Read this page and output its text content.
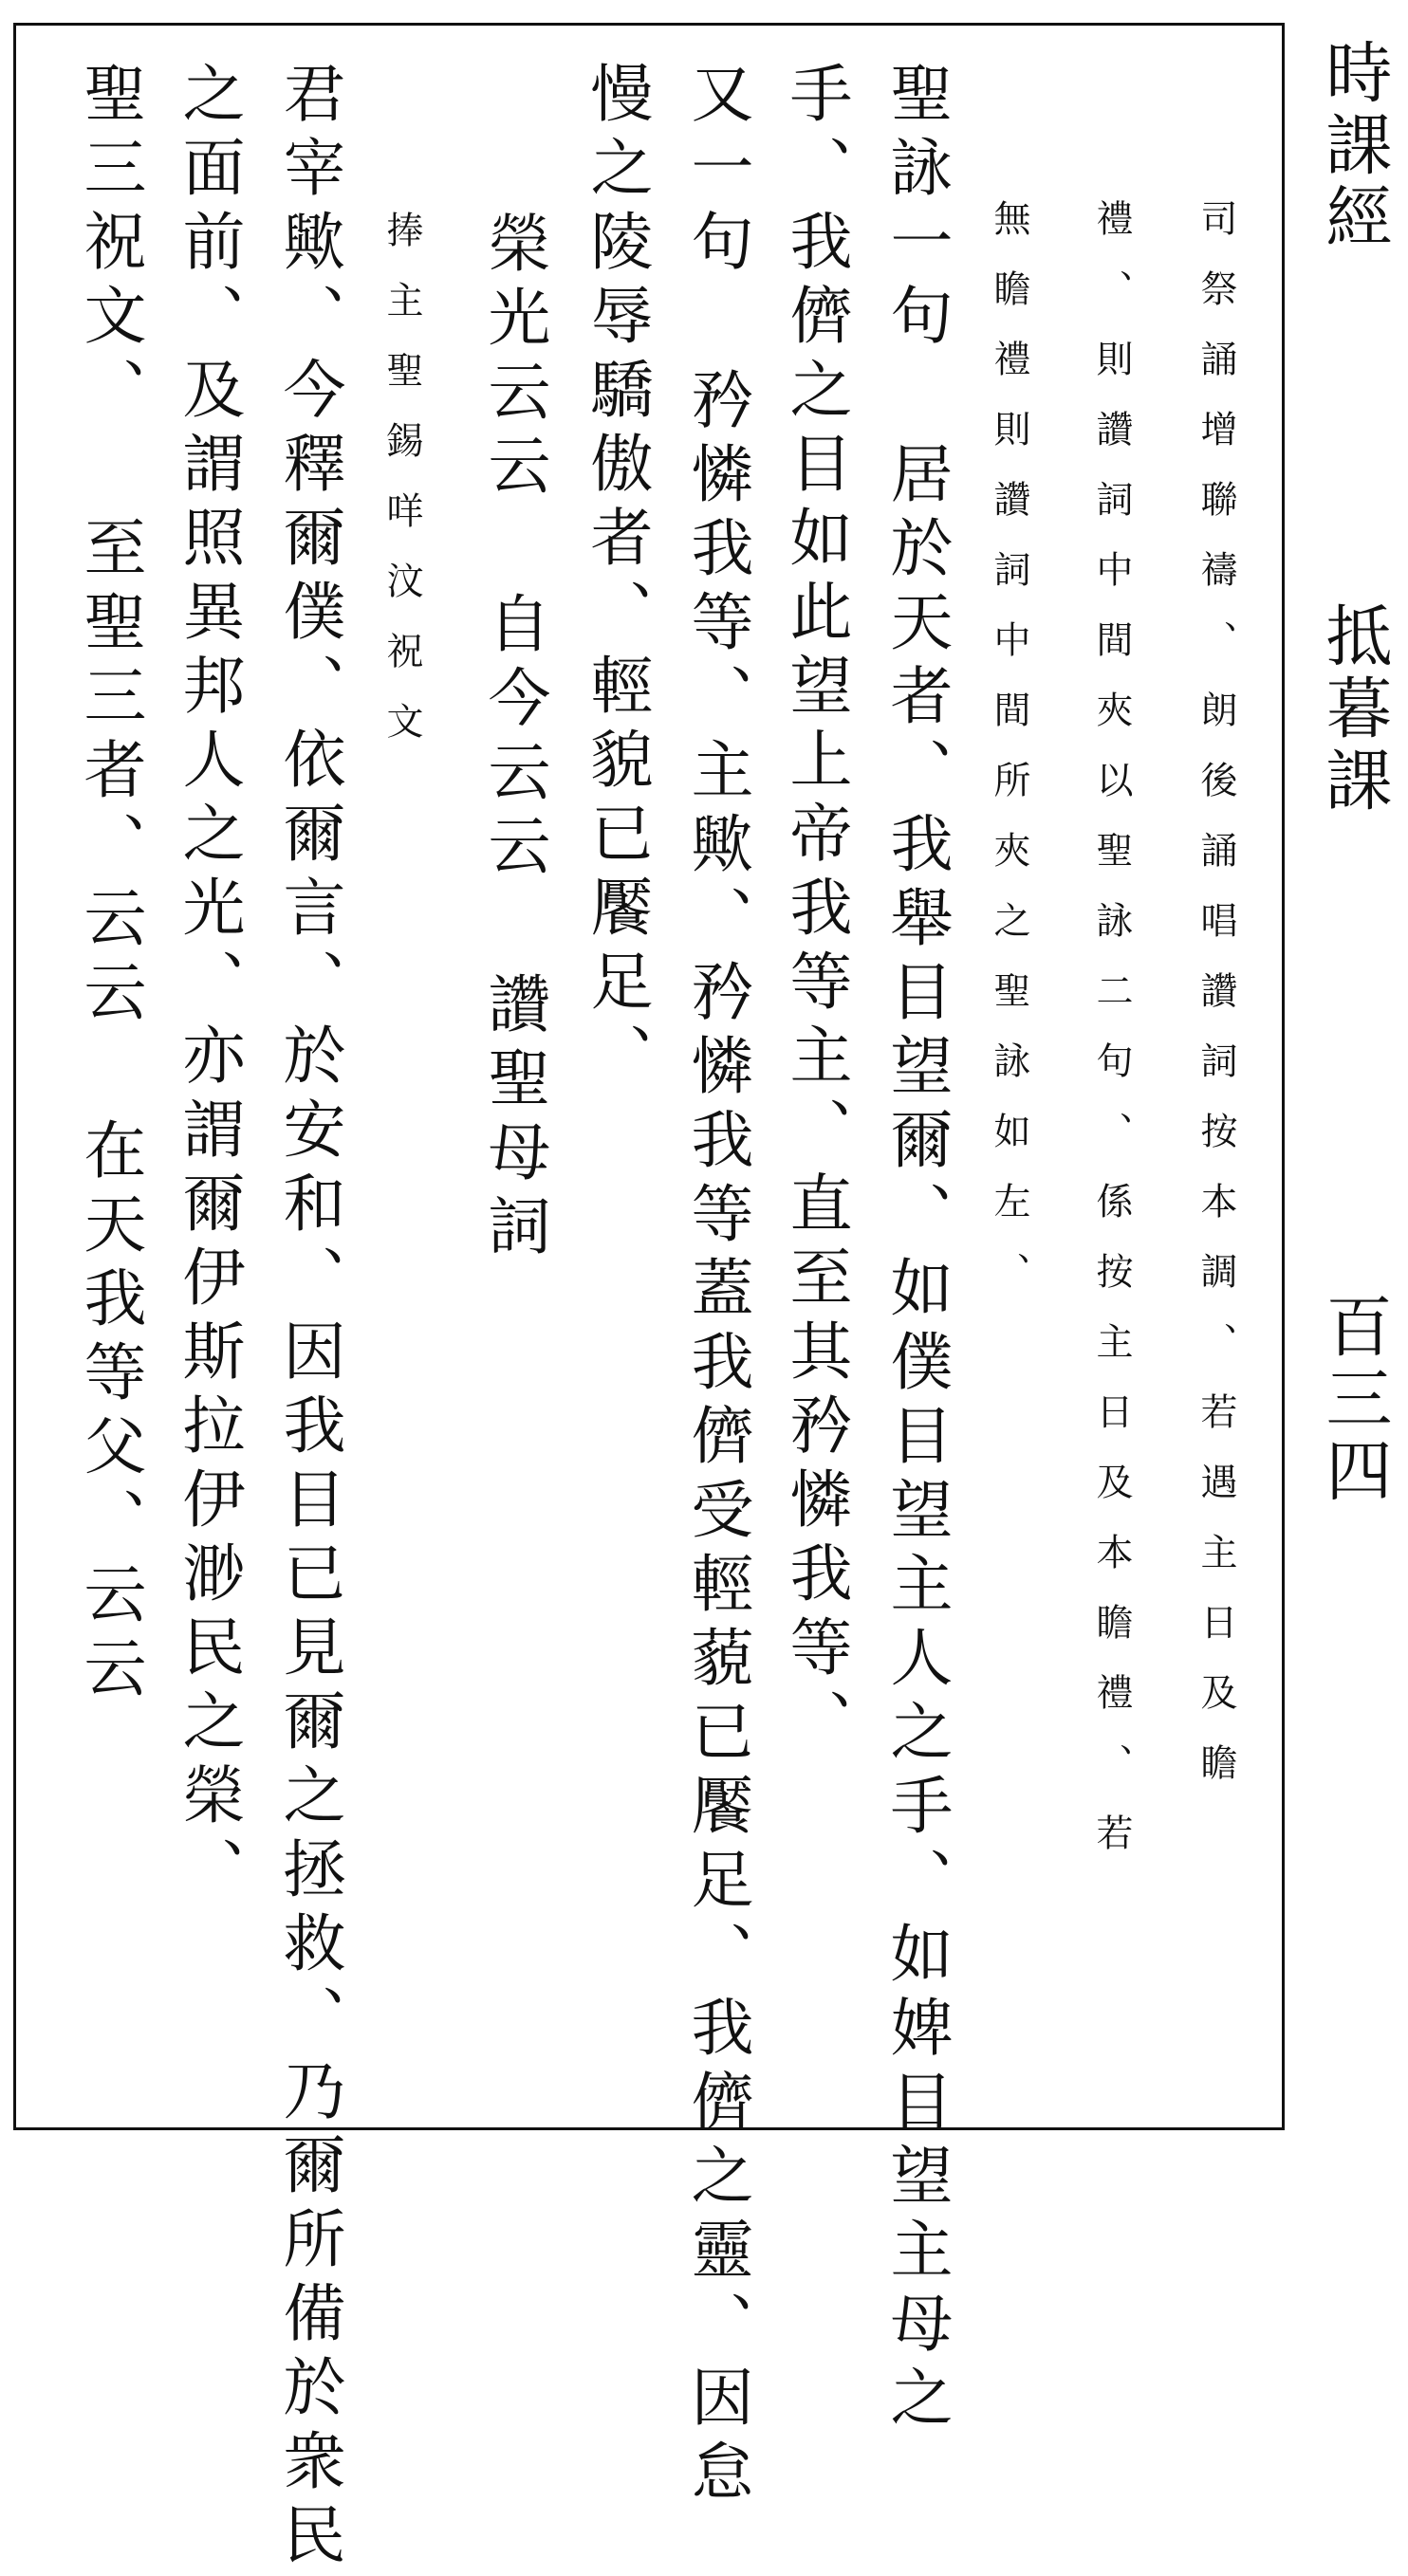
時課經
抵暮課
百三四
司祭誦增聯禱、朗後誦唱讚詞按本調、若遇主日及瞻
禮、則讚詞中間夾以聖詠二句、係按主日及本瞻禮、若
無瞻禮則讚詞中間所夾之聖詠如左、
聖詠一句 居於天者、我舉目望爾、如僕目望主人之手、如婢目望主母之
手、我儕之目如此望上帝我等主、直至其矜憐我等、
又一句 矜憐我等、主歟、矜憐我等蓋我儕受輕藐已饜足、我儕之靈、因怠
慢之陵辱驕傲者、輕貌已饜足、
榮光云云 自今云云 讚聖母詞
捧主聖錫咩汶祝文
君宰歟、今釋爾僕、依爾言、於安和、因我目已見爾之拯救、乃爾所備於衆民
之面前、及謂照異邦人之光、亦謂爾伊斯拉伊渺民之榮、
聖三祝文、 至聖三者、云云 在天我等父、云云
